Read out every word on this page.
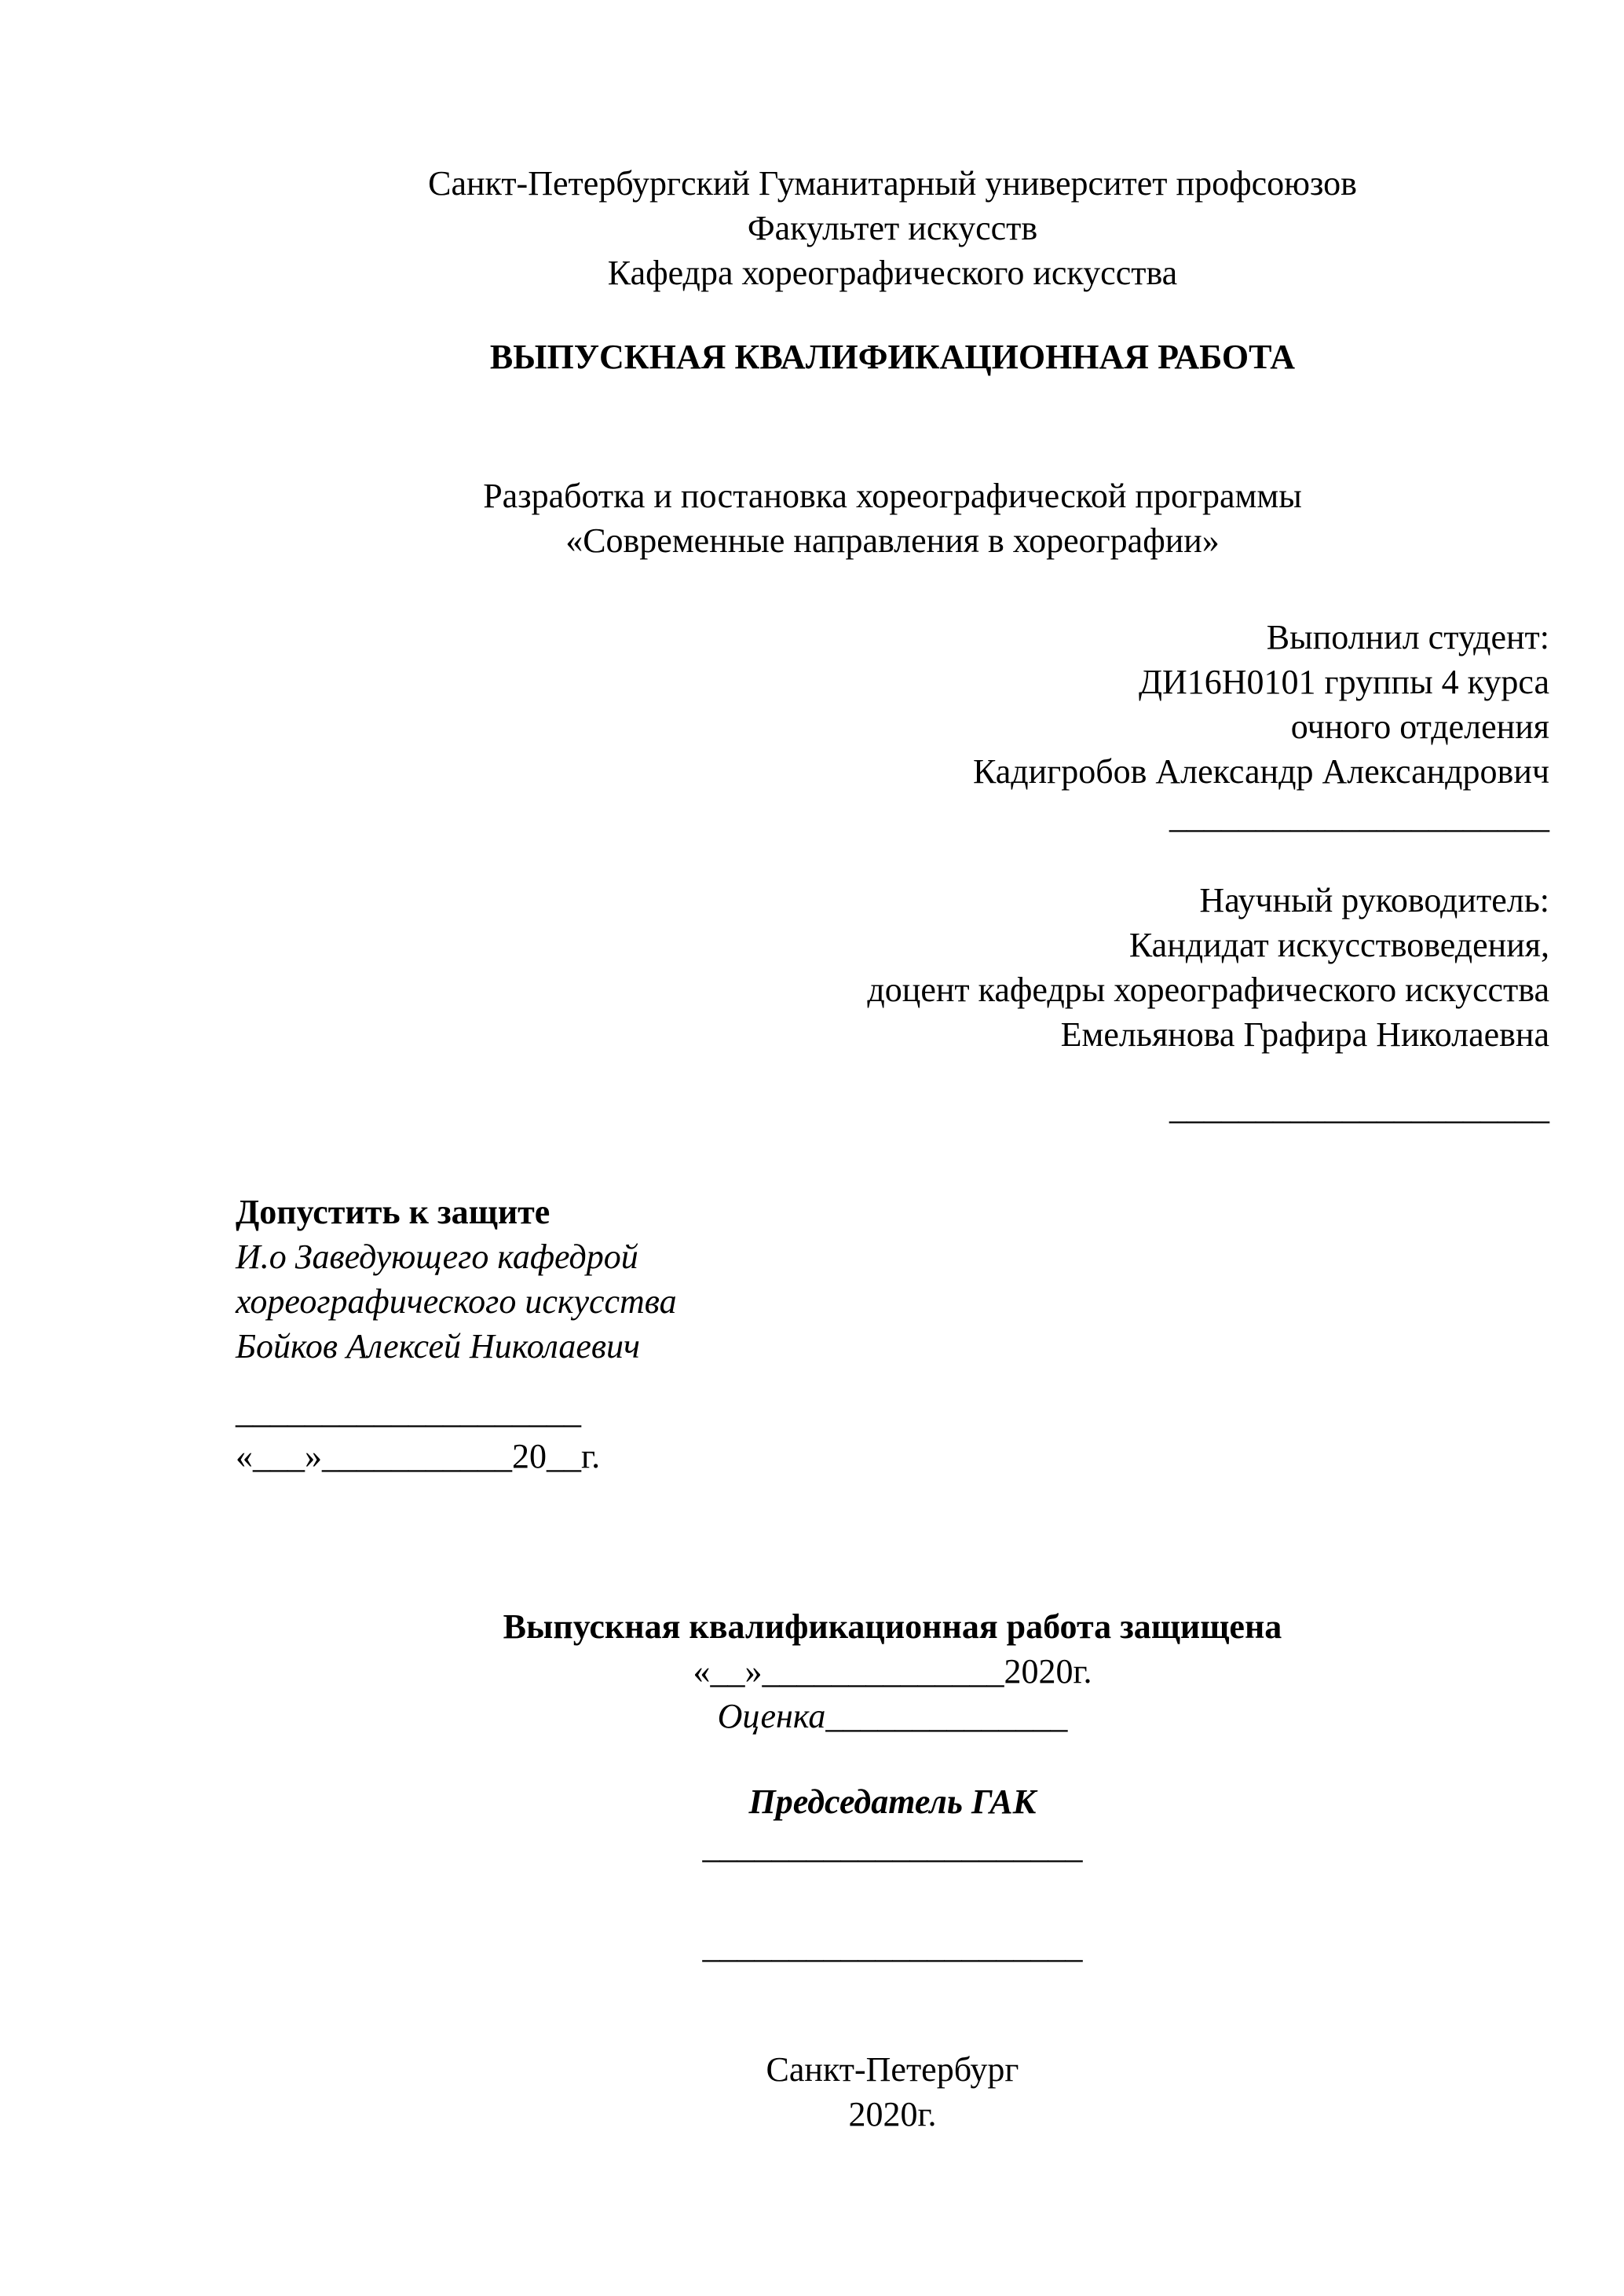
Санкт-Петербургский Гуманитарный университет профсоюзов
Факультет искусств
Кафедра хореографического искусства
ВЫПУСКНАЯ КВАЛИФИКАЦИОННАЯ РАБОТА
Разработка и постановка хореографической программы
«Современные направления в хореографии»
Выполнил студент:
ДИ16Н0101 группы 4 курса
очного отделения
Кадигробов Александр Александрович
______________________
Научный руководитель:
Кандидат искусствоведения,
доцент кафедры хореографического искусства
Емельянова Графира Николаевна
______________________
Допустить к защите
И.о Заведующего кафедрой
хореографического искусства
Бойков Алексей Николаевич
____________________
«___»___________20__г.
Выпускная квалификационная работа защищена
«__»______________2020г.
Оценка______________
Председатель ГАК
______________________
______________________
Санкт-Петербург
2020г.
